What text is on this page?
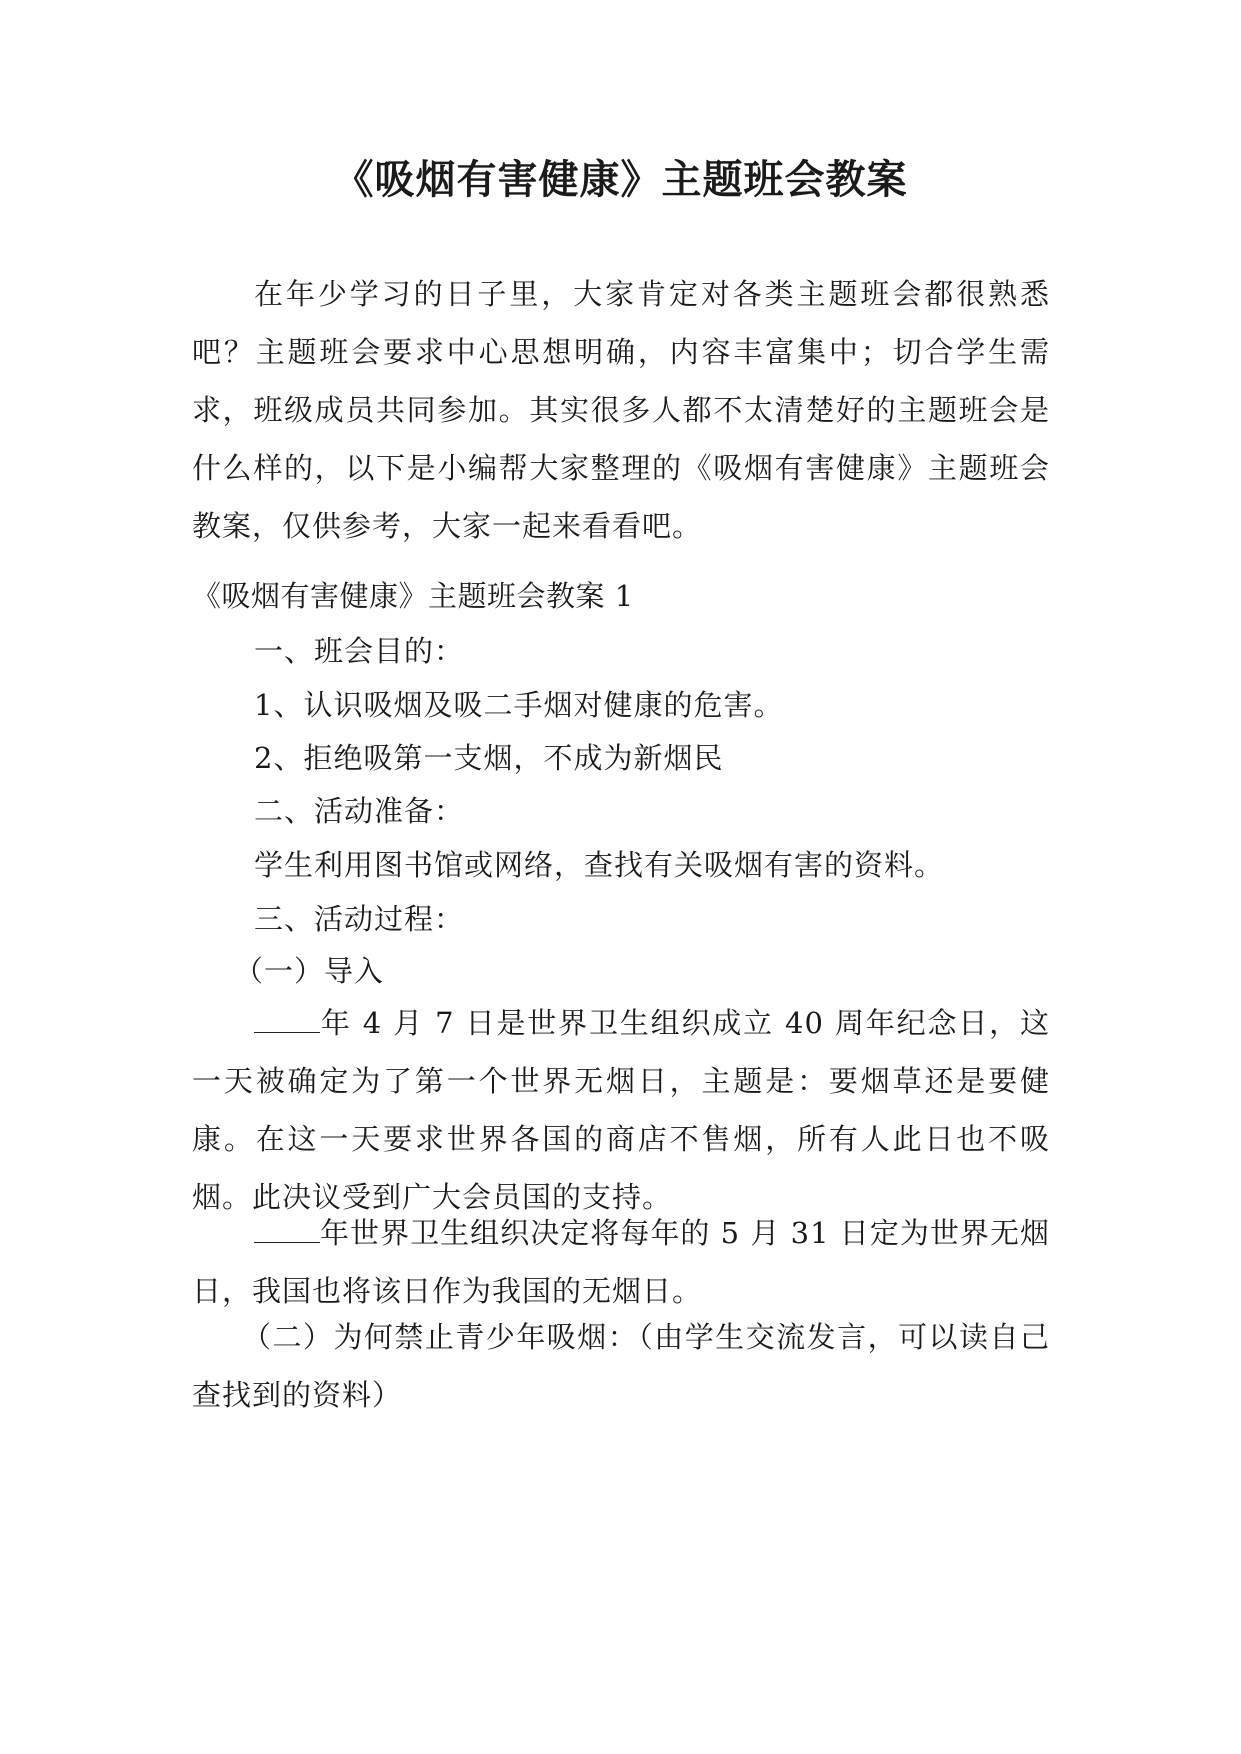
《吸烟有害健康》主题班会教案

在年少学习的日子里，大家肯定对各类主题班会都很熟悉吧？主题班会要求中心思想明确，内容丰富集中；切合学生需求，班级成员共同参加。其实很多人都不太清楚好的主题班会是什么样的，以下是小编帮大家整理的《吸烟有害健康》主题班会教案，仅供参考，大家一起来看看吧。

《吸烟有害健康》主题班会教案 1

一、班会目的：

1、认识吸烟及吸二手烟对健康的危害。

2、拒绝吸第一支烟，不成为新烟民

二、活动准备：

学生利用图书馆或网络，查找有关吸烟有害的资料。

三、活动过程：

（一）导入

年 4 月 7 日是世界卫生组织成立 40 周年纪念日，这一天被确定为了第一个世界无烟日，主题是：要烟草还是要健康。在这一天要求世界各国的商店不售烟，所有人此日也不吸烟。此决议受到广大会员国的支持。

年世界卫生组织决定将每年的 5 月 31 日定为世界无烟日，我国也将该日作为我国的无烟日。

（二）为何禁止青少年吸烟：（由学生交流发言，可以读自己查找到的资料）
